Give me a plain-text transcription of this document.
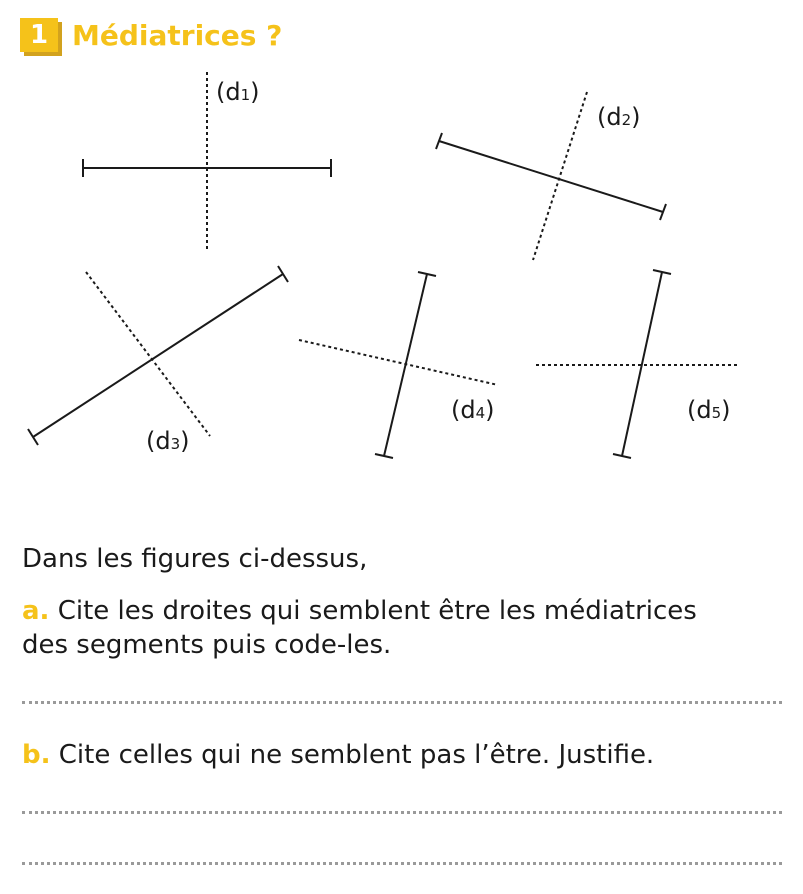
1 Médiatrices ?
(d1)
(d2)
(d3)
(d4)	(d5)
Dans les figures ci-dessus,
a. Cite les droites qui semblent être les médiatrices
des segments puis code-les.
b. Cite celles qui ne semblent pas l’être. Justifie.
